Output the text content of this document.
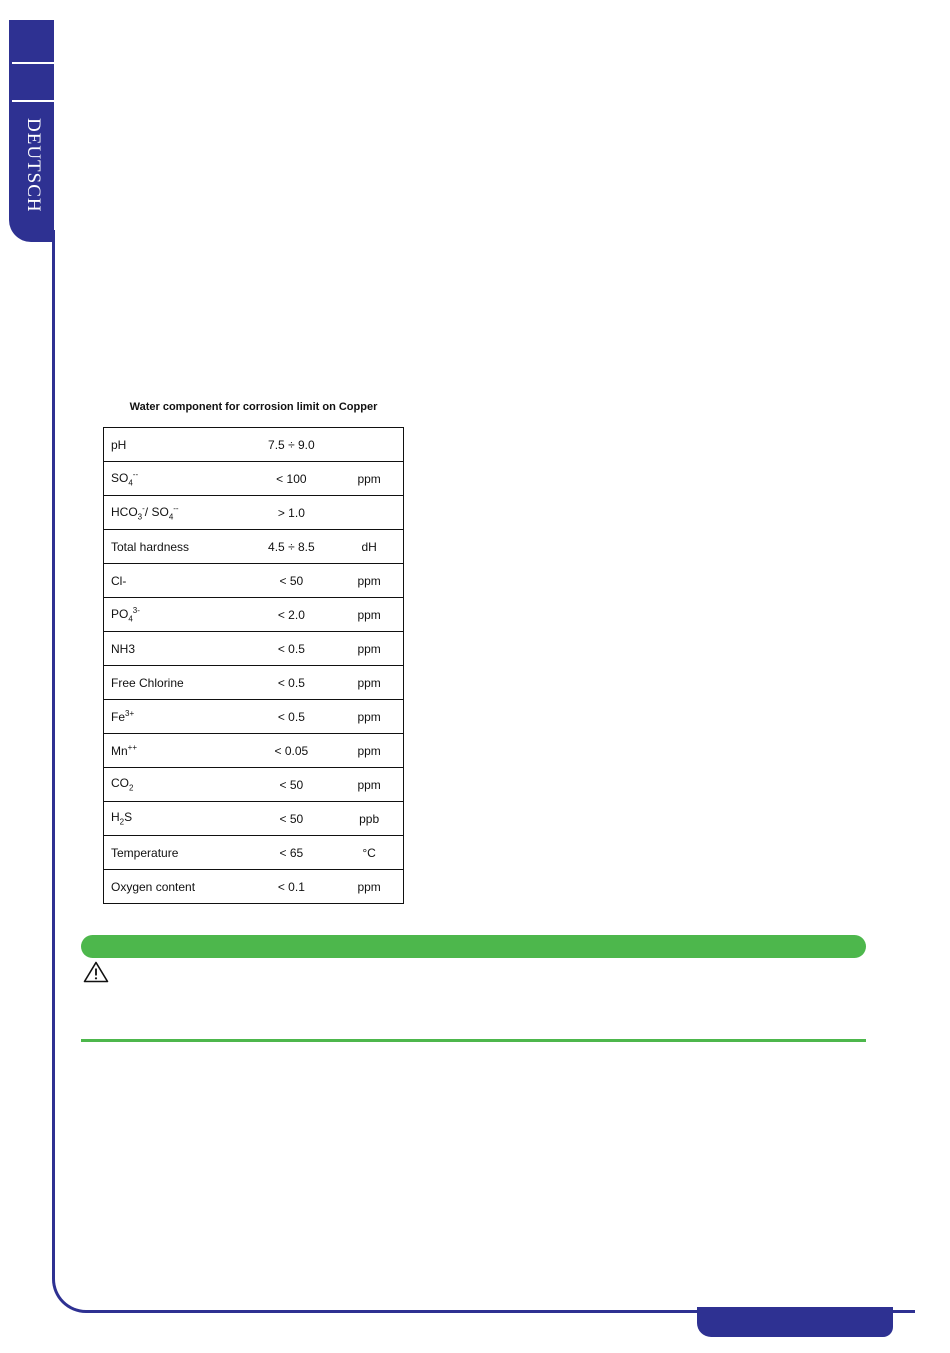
DEUTSCH
Water component for corrosion limit on Copper
pH	7.5 ÷ 9.0	
$SO_4^{--}$	< 100	ppm
$HCO_3^-/$ $SO_4^{--}$	> 1.0	
Total hardness	4.5 ÷ 8.5	dH
Cl-	< 50	ppm
$PO_4^{3-}$	< 2.0	ppm
NH3	< 0.5	ppm
Free Chlorine	< 0.5	ppm
$Fe^{3+}$	< 0.5	ppm
Mn++	< 0.05	ppm
$CO_2$	< 50	ppm
$H_2S$	< 50	ppb
Temperature	< 65	°C
Oxygen content	< 0.1	ppm
